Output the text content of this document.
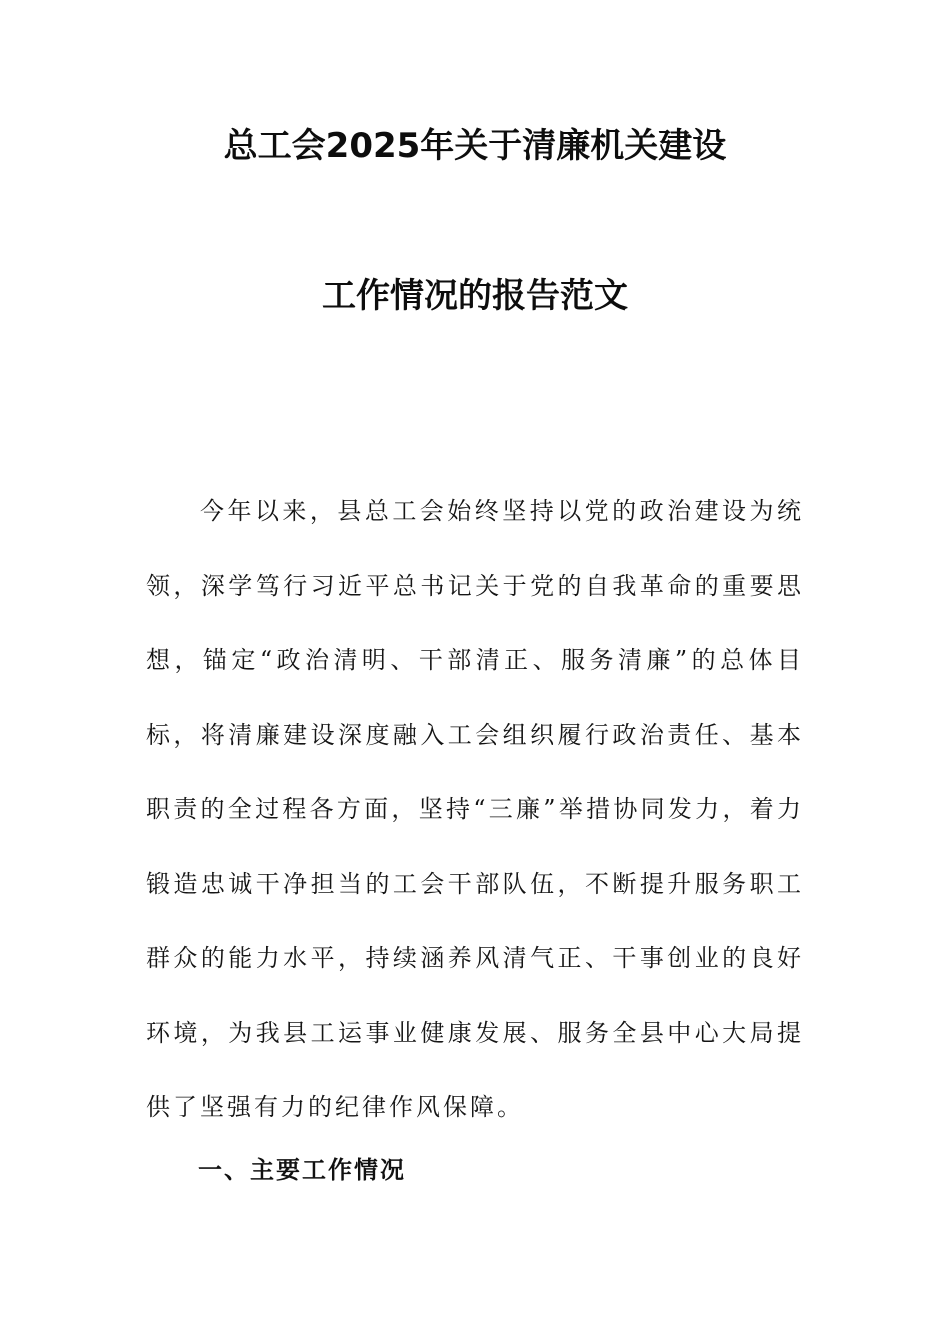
总工会2025年关于清廉机关建设
工作情况的报告范文

今年以来，县总工会始终坚持以党的政治建设为统领，深学笃行习近平总书记关于党的自我革命的重要思想，锚定“政治清明、干部清正、服务清廉”的总体目标，将清廉建设深度融入工会组织履行政治责任、基本职责的全过程各方面，坚持“三廉”举措协同发力，着力锻造忠诚干净担当的工会干部队伍，不断提升服务职工群众的能力水平，持续涵养风清气正、干事创业的良好环境，为我县工运事业健康发展、服务全县中心大局提供了坚强有力的纪律作风保障。

一、主要工作情况
